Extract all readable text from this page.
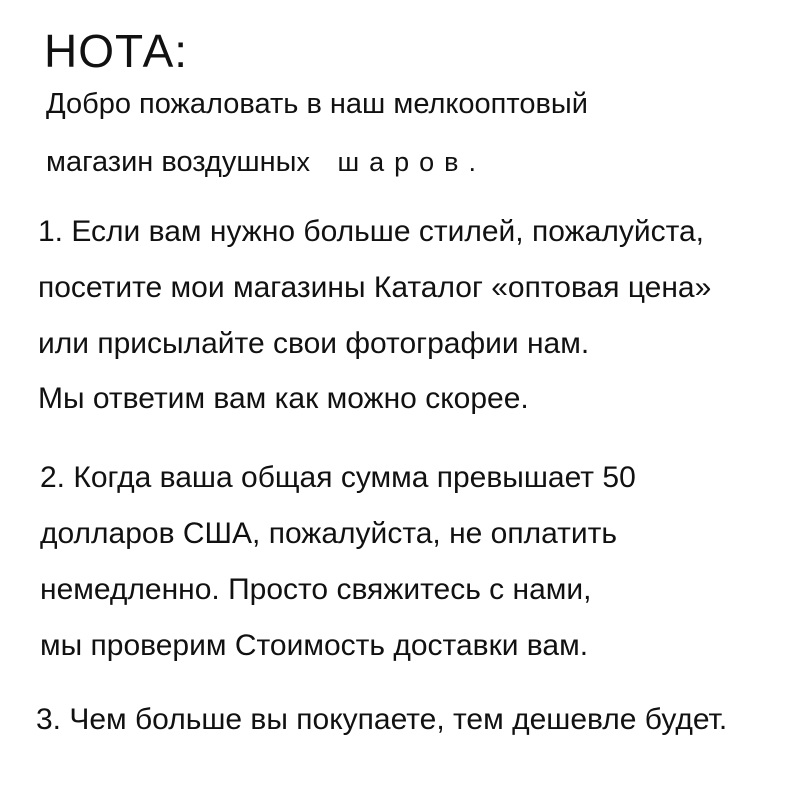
НОТА:

Добро пожаловать в наш мелкооптовый

магазин воздушных шаров.

1. Если вам нужно больше стилей, пожалуйста,

посетите мои магазины Каталог «оптовая цена»

или присылайте свои фотографии нам.

Мы ответим вам как можно скорее.

2. Когда ваша общая сумма превышает 50

долларов США, пожалуйста, не оплатить

немедленно. Просто свяжитесь с нами,

мы проверим Стоимость доставки вам.

3. Чем больше вы покупаете, тем дешевле будет.
